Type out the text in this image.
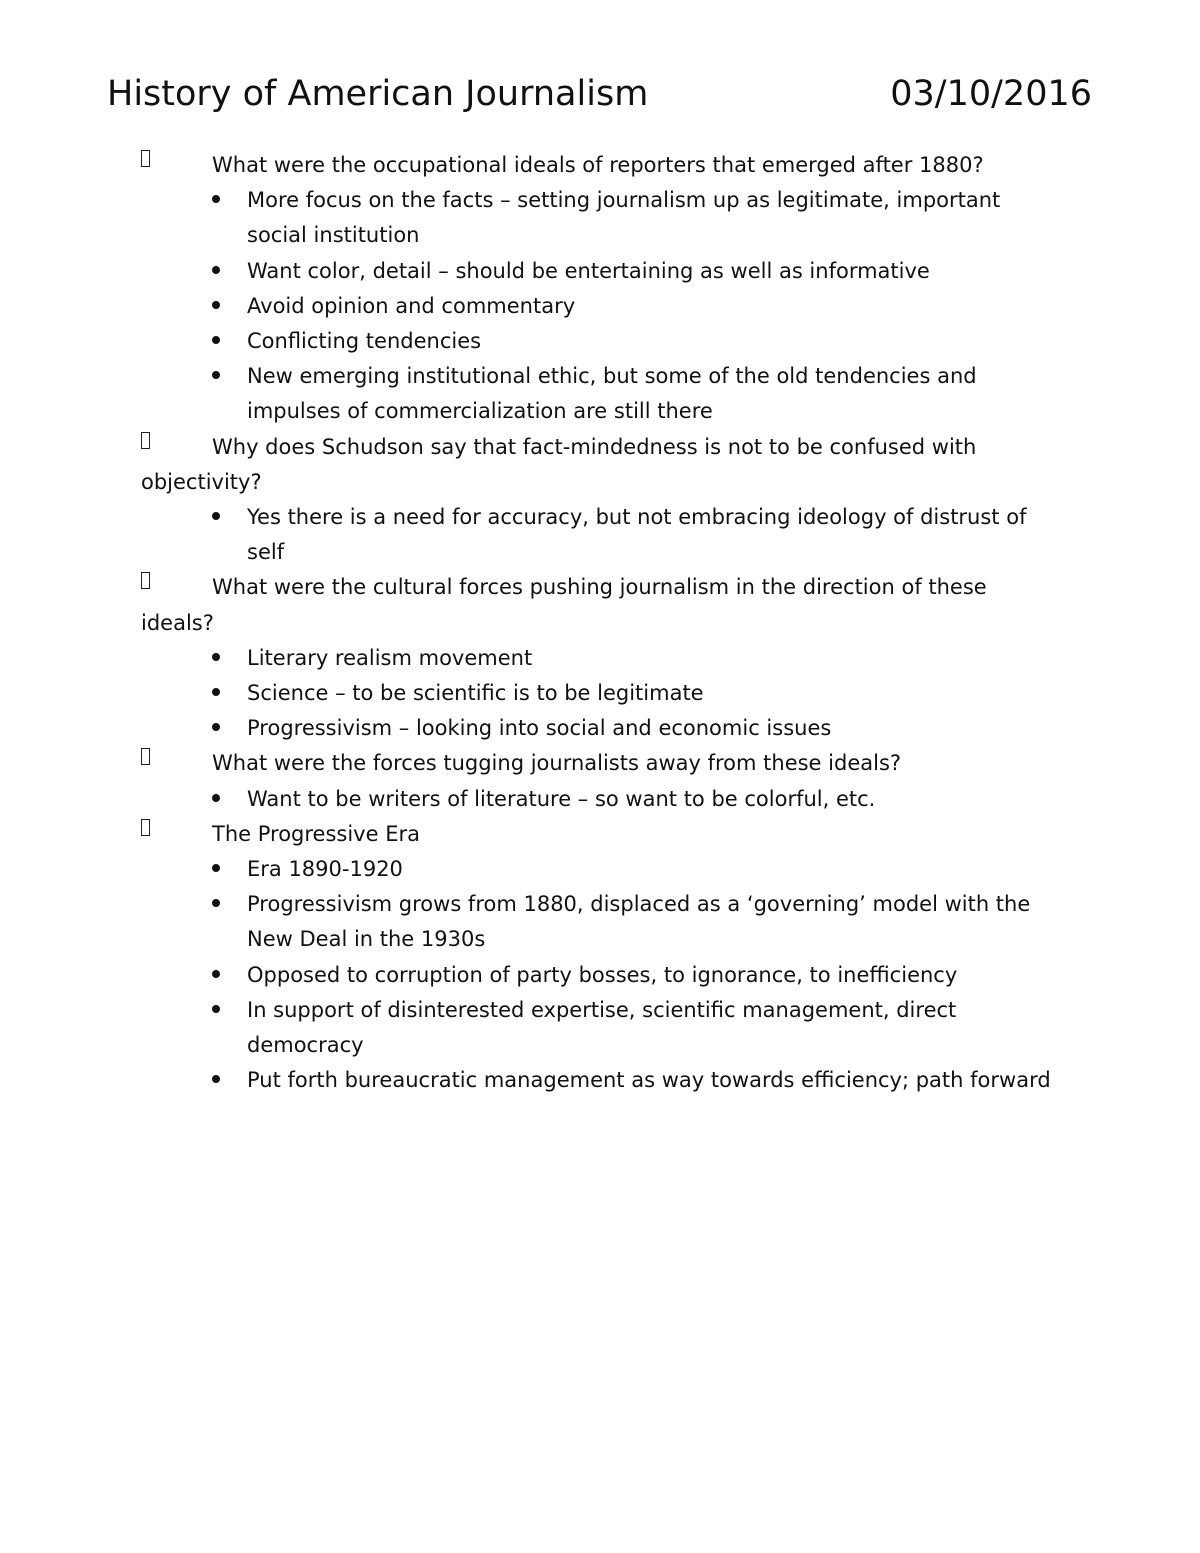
History of American Journalism	03/10/2016
What were the occupational ideals of reporters that emerged after 1880?
More focus on the facts – setting journalism up as legitimate, important social institution
Want color, detail – should be entertaining as well as informative
Avoid opinion and commentary
Conflicting tendencies
New emerging institutional ethic, but some of the old tendencies and impulses of commercialization are still there
Why does Schudson say that fact-mindedness is not to be confused with objectivity?
Yes there is a need for accuracy, but not embracing ideology of distrust of self
What were the cultural forces pushing journalism in the direction of these ideals?
Literary realism movement
Science – to be scientific is to be legitimate
Progressivism – looking into social and economic issues
What were the forces tugging journalists away from these ideals?
Want to be writers of literature – so want to be colorful, etc.
The Progressive Era
Era 1890-1920
Progressivism grows from 1880, displaced as a ‘governing’ model with the New Deal in the 1930s
Opposed to corruption of party bosses, to ignorance, to inefficiency
In support of disinterested expertise, scientific management, direct democracy
Put forth bureaucratic management as way towards efficiency; path forward
